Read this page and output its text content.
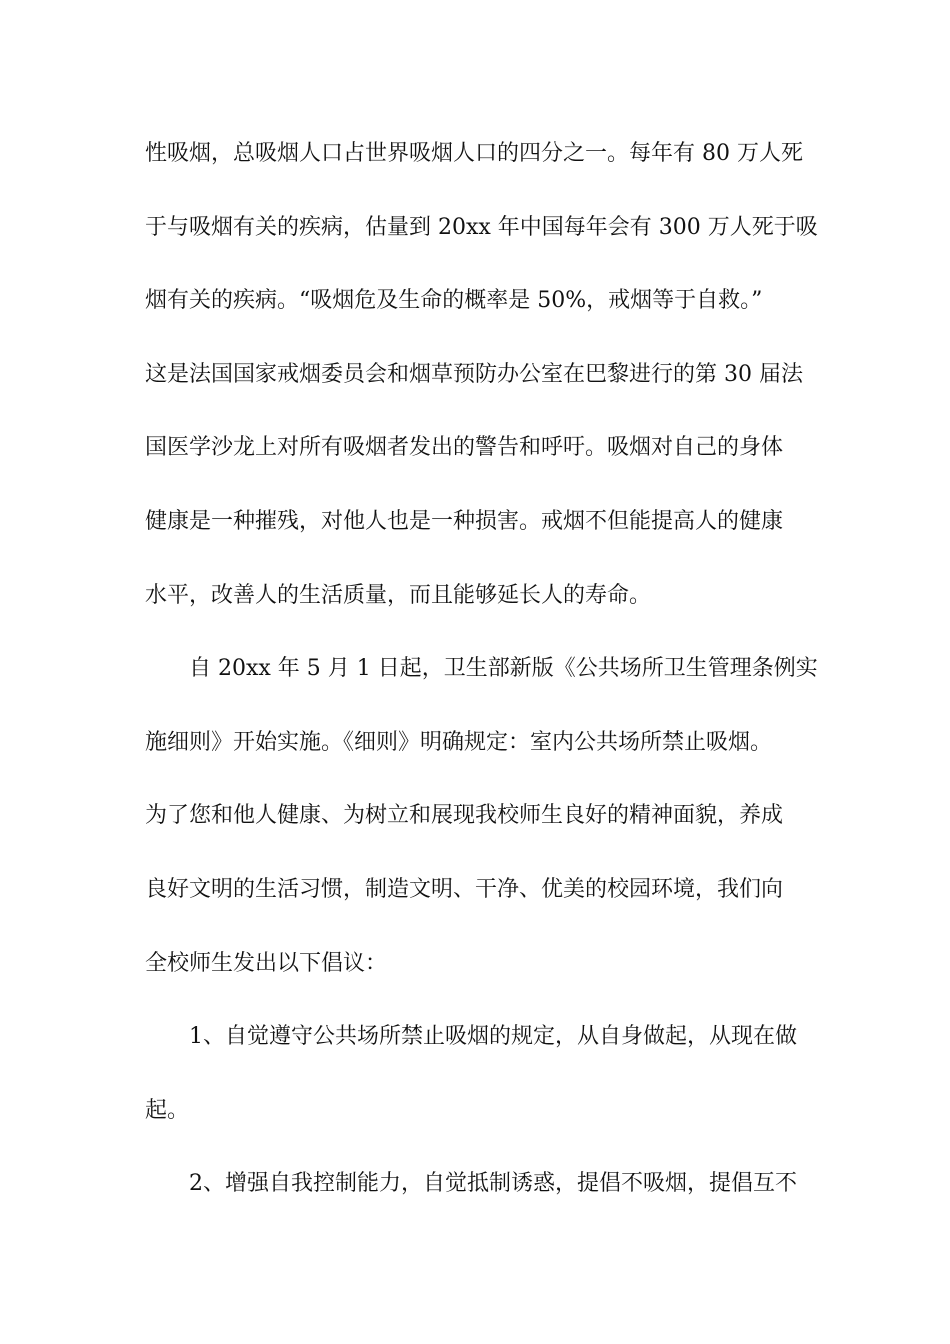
性吸烟，总吸烟人口占世界吸烟人口的四分之一。每年有 80 万人死
于与吸烟有关的疾病，估量到 20xx 年中国每年会有 300 万人死于吸
烟有关的疾病。“吸烟危及生命的概率是 50%，戒烟等于自救。”
这是法国国家戒烟委员会和烟草预防办公室在巴黎进行的第 30 届法
国医学沙龙上对所有吸烟者发出的警告和呼吁。吸烟对自己的身体
健康是一种摧残，对他人也是一种损害。戒烟不但能提高人的健康
水平，改善人的生活质量，而且能够延长人的寿命。
　　自 20xx 年 5 月 1 日起，卫生部新版《公共场所卫生管理条例实
施细则》开始实施。《细则》明确规定：室内公共场所禁止吸烟。
为了您和他人健康、为树立和展现我校师生良好的精神面貌，养成
良好文明的生活习惯，制造文明、干净、优美的校园环境，我们向
全校师生发出以下倡议：
　　1、自觉遵守公共场所禁止吸烟的规定，从自身做起，从现在做
起。
　　2、增强自我控制能力，自觉抵制诱惑，提倡不吸烟，提倡互不
